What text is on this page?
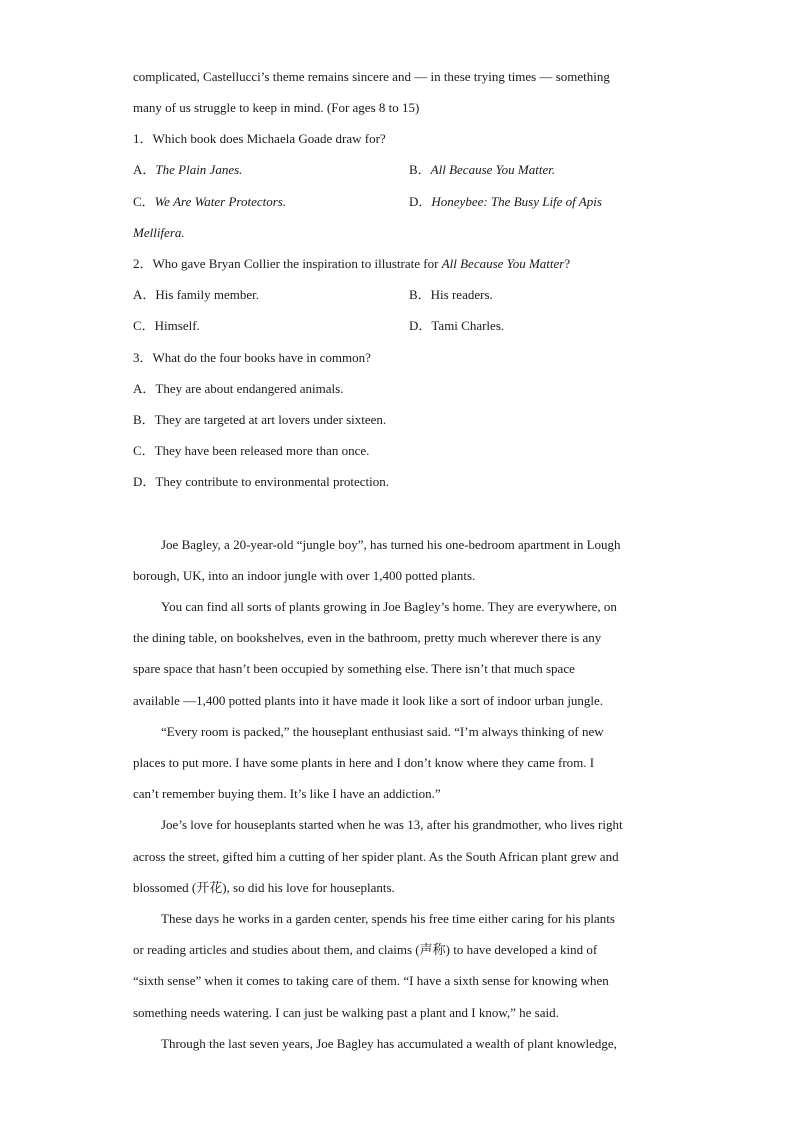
complicated, Castellucci’s theme remains sincere and — in these trying times — something
many of us struggle to keep in mind. (For ages 8 to 15)
1．Which book does Michaela Goade draw for?
A．The Plain Janes.	B．All Because You Matter.
C．We Are Water Protectors.	D．Honeybee: The Busy Life of Apis
Mellifera.
2．Who gave Bryan Collier the inspiration to illustrate for All Because You Matter?
A．His family member.	B．His readers.
C．Himself.	D．Tami Charles.
3．What do the four books have in common?
A．They are about endangered animals.
B．They are targeted at art lovers under sixteen.
C．They have been released more than once.
D．They contribute to environmental protection.
Joe Bagley, a 20-year-old “jungle boy”, has turned his one-bedroom apartment in Lough
borough, UK, into an indoor jungle with over 1,400 potted plants.
You can find all sorts of plants growing in Joe Bagley’s home. They are everywhere, on
the dining table, on bookshelves, even in the bathroom, pretty much wherever there is any
spare space that hasn’t been occupied by something else. There isn’t that much space
available —1,400 potted plants into it have made it look like a sort of indoor urban jungle.
“Every room is packed,” the houseplant enthusiast said. “I’m always thinking of new
places to put more. I have some plants in here and I don’t know where they came from. I
can’t remember buying them. It’s like I have an addiction.”
Joe’s love for houseplants started when he was 13, after his grandmother, who lives right
across the street, gifted him a cutting of her spider plant. As the South African plant grew and
blossomed (开花), so did his love for houseplants.
These days he works in a garden center, spends his free time either caring for his plants
or reading articles and studies about them, and claims (声称) to have developed a kind of
“sixth sense” when it comes to taking care of them. “I have a sixth sense for knowing when
something needs watering. I can just be walking past a plant and I know,” he said.
Through the last seven years, Joe Bagley has accumulated a wealth of plant knowledge,
